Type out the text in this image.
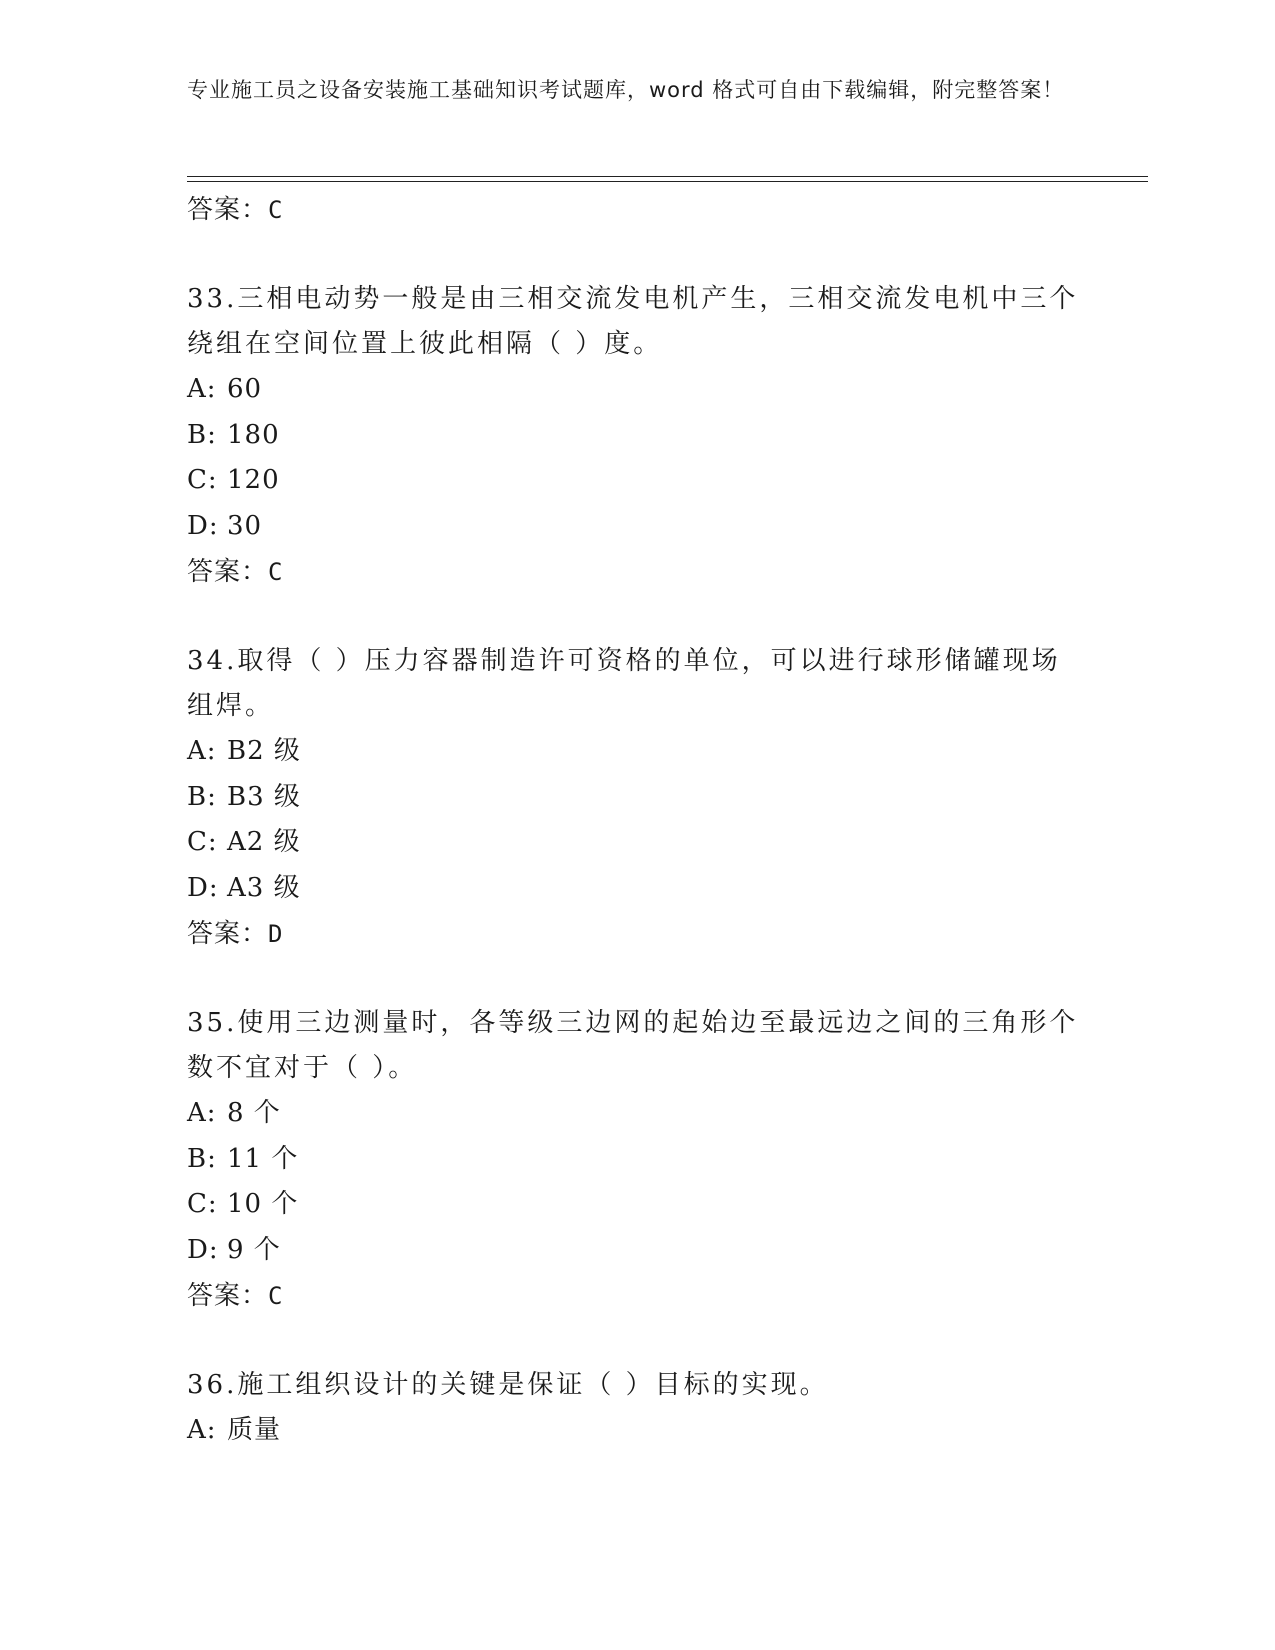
专业施工员之设备安装施工基础知识考试题库，word 格式可自由下载编辑，附完整答案！
答案：C
33.三相电动势一般是由三相交流发电机产生，三相交流发电机中三个绕组在空间位置上彼此相隔（ ）度。
A: 60
B: 180
C: 120
D: 30
答案：C
34.取得（ ）压力容器制造许可资格的单位，可以进行球形储罐现场组焊。
A: B2 级
B: B3 级
C: A2 级
D: A3 级
答案：D
35.使用三边测量时，各等级三边网的起始边至最远边之间的三角形个数不宜对于（ ）。
A: 8 个
B: 11 个
C: 10 个
D: 9 个
答案：C
36.施工组织设计的关键是保证（ ）目标的实现。
A: 质量
